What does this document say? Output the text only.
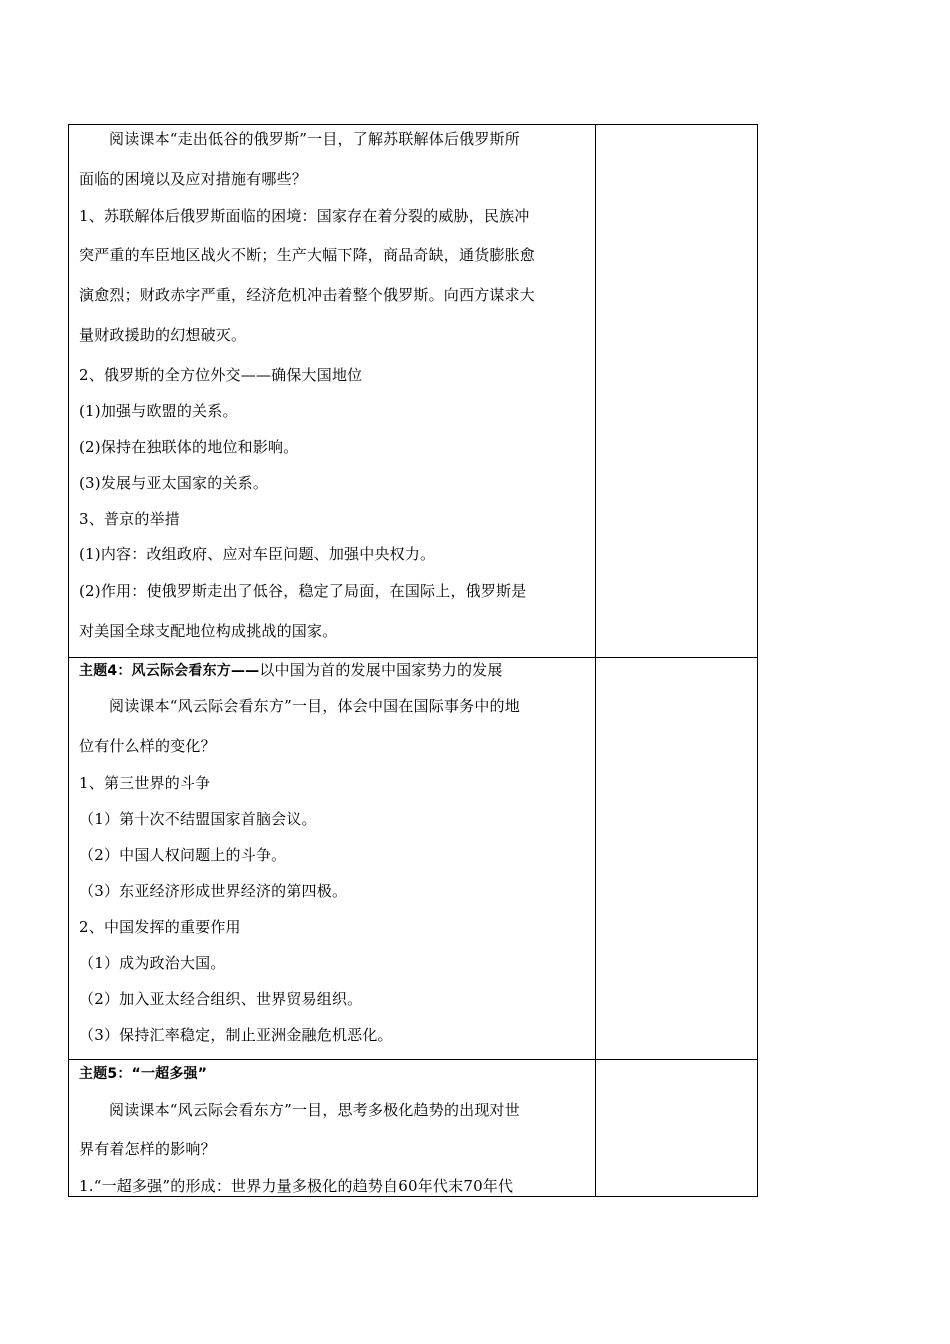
阅读课本“走出低谷的俄罗斯”一目，了解苏联解体后俄罗斯所
面临的困境以及应对措施有哪些？
1、苏联解体后俄罗斯面临的困境：国家存在着分裂的威胁，民族冲
突严重的车臣地区战火不断；生产大幅下降，商品奇缺，通货膨胀愈
演愈烈；财政赤字严重，经济危机冲击着整个俄罗斯。向西方谋求大
量财政援助的幻想破灭。
2、俄罗斯的全方位外交——确保大国地位
(1)加强与欧盟的关系。
(2)保持在独联体的地位和影响。
(3)发展与亚太国家的关系。
3、普京的举措
(1)内容：改组政府、应对车臣问题、加强中央权力。
(2)作用：使俄罗斯走出了低谷，稳定了局面，在国际上，俄罗斯是
对美国全球支配地位构成挑战的国家。
主题4：风云际会看东方——以中国为首的发展中国家势力的发展
阅读课本“风云际会看东方”一目，体会中国在国际事务中的地
位有什么样的变化？
1、第三世界的斗争
（1）第十次不结盟国家首脑会议。
（2）中国人权问题上的斗争。
（3）东亚经济形成世界经济的第四极。
2、中国发挥的重要作用
（1）成为政治大国。
（2）加入亚太经合组织、世界贸易组织。
（3）保持汇率稳定，制止亚洲金融危机恶化。
主题5：“一超多强”
阅读课本“风云际会看东方”一目，思考多极化趋势的出现对世
界有着怎样的影响？
1.“一超多强”的形成：世界力量多极化的趋势自60年代末70年代
